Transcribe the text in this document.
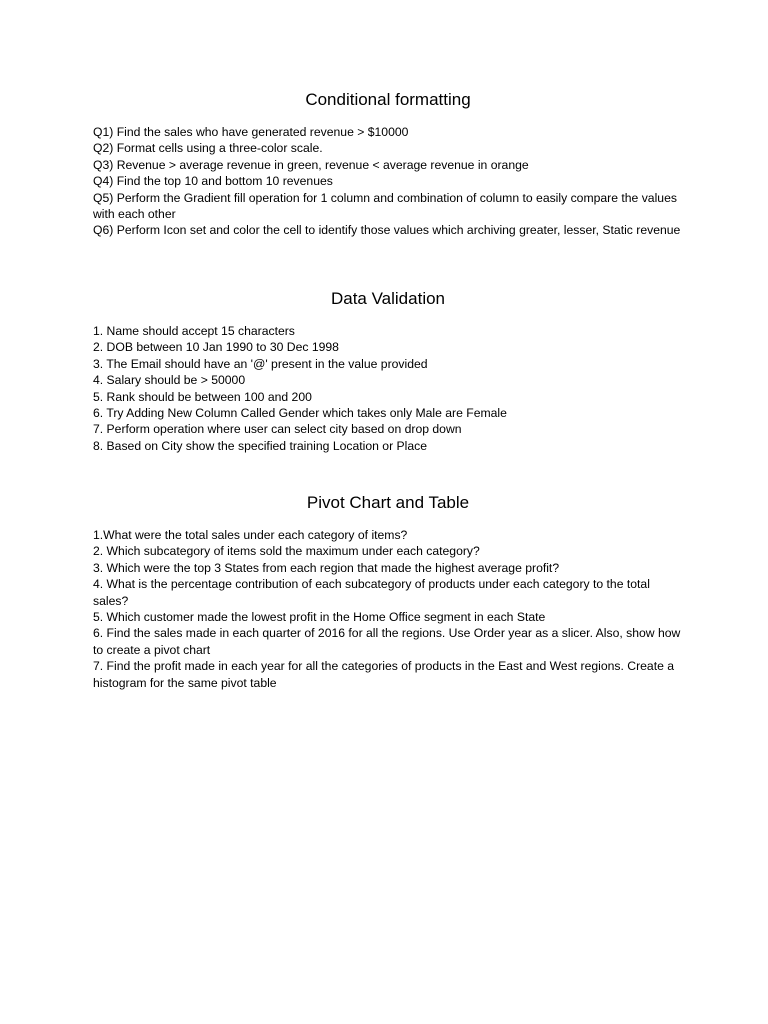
Conditional formatting
Q1) Find the sales who have generated revenue > $10000
Q2) Format cells using a three-color scale.
Q3) Revenue > average revenue in green, revenue < average revenue in orange
Q4) Find the top 10 and bottom 10 revenues
Q5) Perform the Gradient fill operation for 1 column and combination of column to easily compare the values with each other
Q6) Perform Icon set and color the cell to identify those values which archiving greater, lesser, Static revenue
Data Validation
1. Name should accept 15 characters
2. DOB between 10 Jan 1990 to 30 Dec 1998
3. The Email should have an '@' present in the value provided
4. Salary should be > 50000
5. Rank should be between 100 and 200
6. Try Adding New Column Called Gender which takes only Male are Female
7. Perform operation where user can select city based on drop down
8. Based on City show the specified training Location or Place
Pivot Chart and Table
1.What were the total sales under each category of items?
2. Which subcategory of items sold the maximum under each category?
3. Which were the top 3 States from each region that made the highest average profit?
4. What is the percentage contribution of each subcategory of products under each category to the total sales?
5. Which customer made the lowest profit in the Home Office segment in each State
6. Find the sales made in each quarter of 2016 for all the regions. Use Order year as a slicer. Also, show how to create a pivot chart
7. Find the profit made in each year for all the categories of products in the East and West regions. Create a histogram for the same pivot table
